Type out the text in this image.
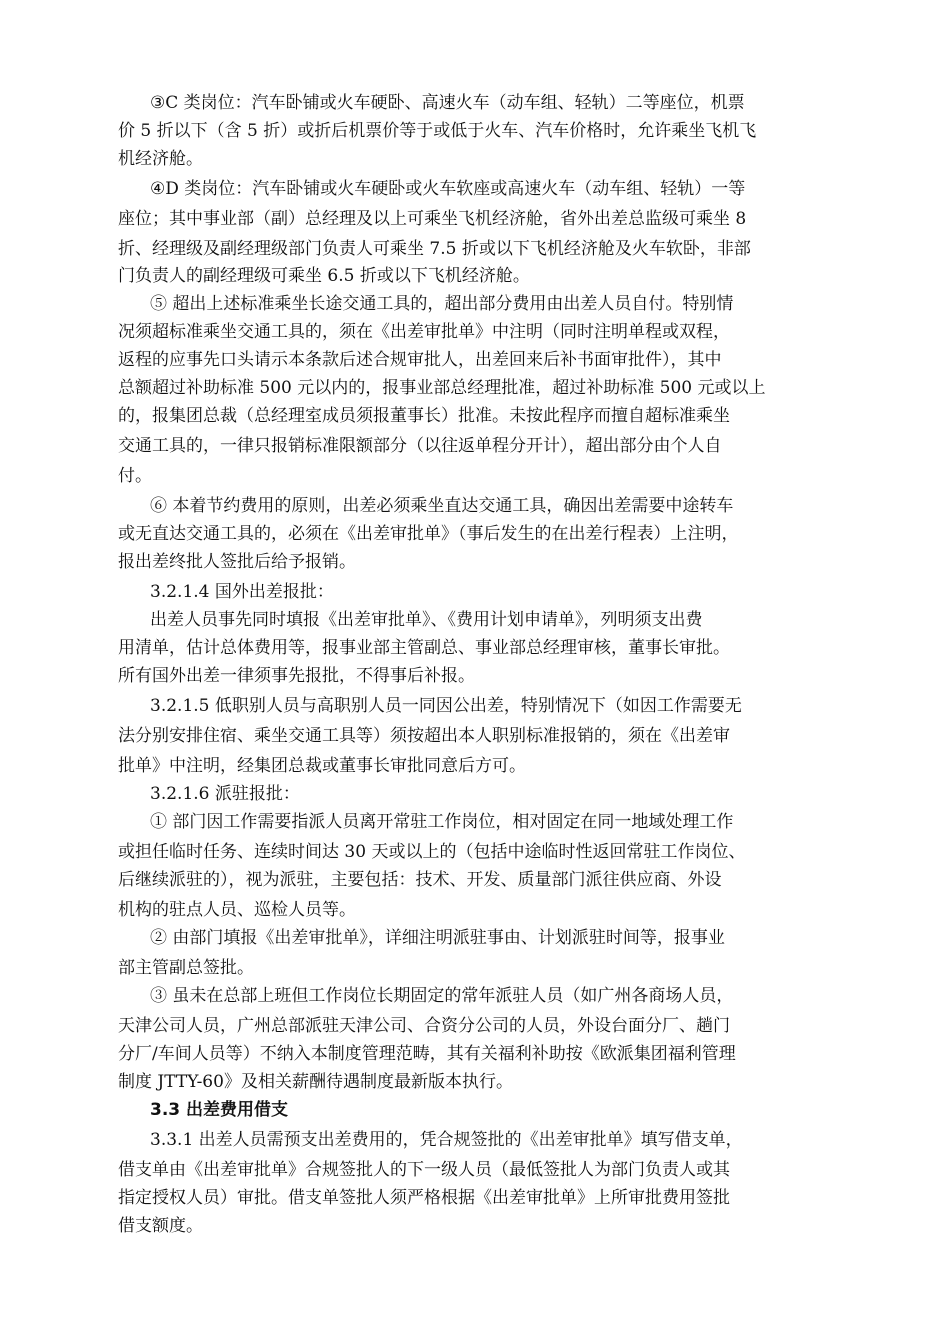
③C 类岗位：汽车卧铺或火车硬卧、高速火车（动车组、轻轨）二等座位，机票
价 5 折以下（含 5 折）或折后机票价等于或低于火车、汽车价格时，允许乘坐飞机飞
机经济舱。
④D 类岗位：汽车卧铺或火车硬卧或火车软座或高速火车（动车组、轻轨）一等
座位；其中事业部（副）总经理及以上可乘坐飞机经济舱，省外出差总监级可乘坐 8
折、经理级及副经理级部门负责人可乘坐 7.5 折或以下飞机经济舱及火车软卧，非部
门负责人的副经理级可乘坐 6.5 折或以下飞机经济舱。
⑤ 超出上述标准乘坐长途交通工具的，超出部分费用由出差人员自付。特别情
况须超标准乘坐交通工具的，须在《出差审批单》中注明（同时注明单程或双程，
返程的应事先口头请示本条款后述合规审批人，出差回来后补书面审批件），其中
总额超过补助标准 500 元以内的，报事业部总经理批准，超过补助标准 500 元或以上
的，报集团总裁（总经理室成员须报董事长）批准。未按此程序而擅自超标准乘坐
交通工具的，一律只报销标准限额部分（以往返单程分开计），超出部分由个人自
付。
⑥ 本着节约费用的原则，出差必须乘坐直达交通工具，确因出差需要中途转车
或无直达交通工具的，必须在《出差审批单》（事后发生的在出差行程表）上注明，
报出差终批人签批后给予报销。
3.2.1.4 国外出差报批：
出差人员事先同时填报《出差审批单》、《费用计划申请单》，列明须支出费
用清单，估计总体费用等，报事业部主管副总、事业部总经理审核，董事长审批。
所有国外出差一律须事先报批，不得事后补报。
3.2.1.5 低职别人员与高职别人员一同因公出差，特别情况下（如因工作需要无
法分别安排住宿、乘坐交通工具等）须按超出本人职别标准报销的，须在《出差审
批单》中注明，经集团总裁或董事长审批同意后方可。
3.2.1.6 派驻报批：
① 部门因工作需要指派人员离开常驻工作岗位，相对固定在同一地域处理工作
或担任临时任务、连续时间达 30 天或以上的（包括中途临时性返回常驻工作岗位、
后继续派驻的），视为派驻，主要包括：技术、开发、质量部门派往供应商、外设
机构的驻点人员、巡检人员等。
② 由部门填报《出差审批单》，详细注明派驻事由、计划派驻时间等，报事业
部主管副总签批。
③ 虽未在总部上班但工作岗位长期固定的常年派驻人员（如广州各商场人员，
天津公司人员，广州总部派驻天津公司、合资分公司的人员，外设台面分厂、趟门
分厂/车间人员等）不纳入本制度管理范畴，其有关福利补助按《欧派集团福利管理
制度 JTTY-60》及相关薪酬待遇制度最新版本执行。
3.3 出差费用借支
3.3.1 出差人员需预支出差费用的，凭合规签批的《出差审批单》填写借支单，
借支单由《出差审批单》合规签批人的下一级人员（最低签批人为部门负责人或其
指定授权人员）审批。借支单签批人须严格根据《出差审批单》上所审批费用签批
借支额度。
